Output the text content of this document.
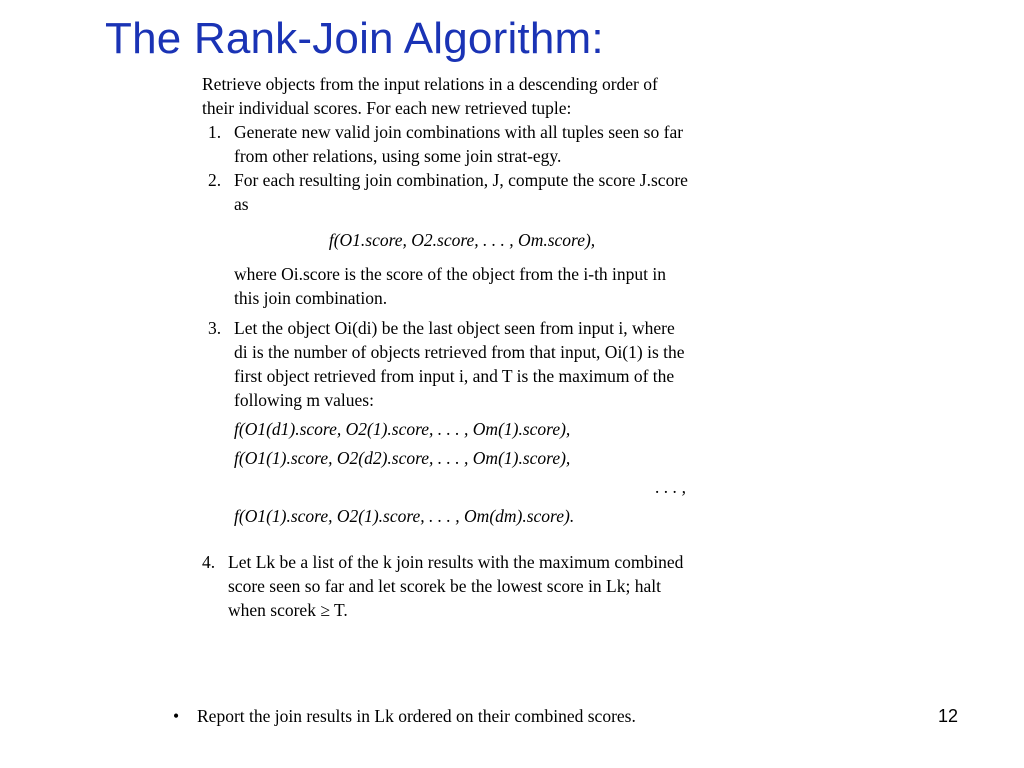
The Rank-Join Algorithm:

Retrieve objects from the input relations in a descending order of their individual scores. For each new retrieved tuple:

1. Generate new valid join combinations with all tuples seen so far from other relations, using some join strat-egy.
2. For each resulting join combination, J, compute the score J.score as
f(O1.score, O2.score, . . . , Om.score),
where Oi.score is the score of the object from the i-th input in this join combination.
3. Let the object Oi(di) be the last object seen from input i, where di is the number of objects retrieved from that input, Oi(1) is the first object retrieved from input i, and T is the maximum of the following m values:
f(O1(d1).score, O2(1).score, . . . , Om(1).score),
f(O1(1).score, O2(d2).score, . . . , Om(1).score),
. . . ,
f(O1(1).score, O2(1).score, . . . , Om(dm).score).
4. Let Lk be a list of the k join results with the maximum combined score seen so far and let scorek be the lowest score in Lk; halt when scorek ≥ T.
•	Report the join results in Lk ordered on their combined scores.	12
